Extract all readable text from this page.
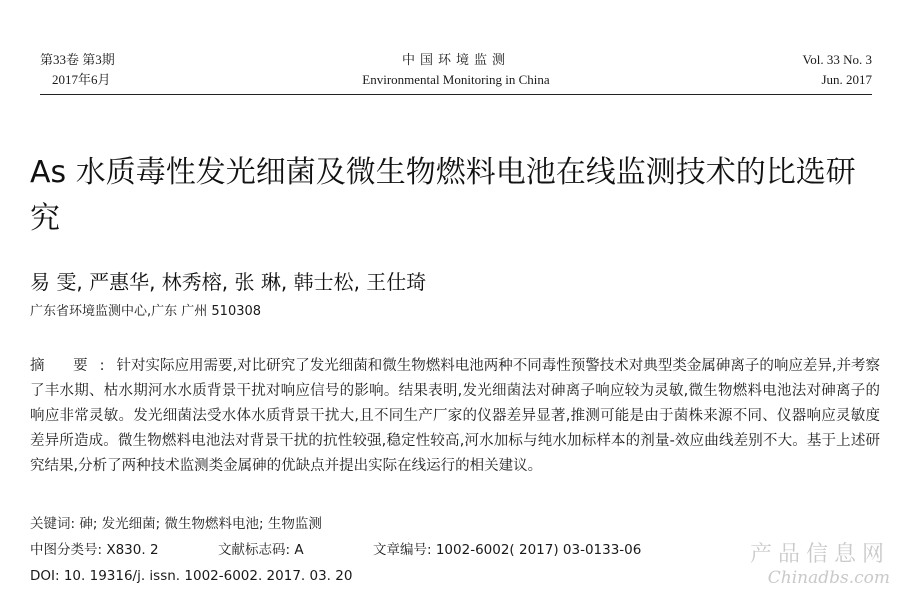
第33卷 第3期
2017年6月
中国环境监测
Environmental Monitoring in China
Vol. 33 No. 3
Jun. 2017
As 水质毒性发光细菌及微生物燃料电池在线监测技术的比选研究
易 雯, 严惠华, 林秀榕, 张 琳, 韩士松, 王仕琦
广东省环境监测中心,广东 广州 510308

摘 要:针对实际应用需要,对比研究了发光细菌和微生物燃料电池两种不同毒性预警技术对典型类金属砷离子的响应差异,并考察了丰水期、枯水期河水水质背景干扰对响应信号的影响。结果表明,发光细菌法对砷离子响应较为灵敏,微生物燃料电池法对砷离子的响应非常灵敏。发光细菌法受水体水质背景干扰大,且不同生产厂家的仪器差异显著,推测可能是由于菌株来源不同、仪器响应灵敏度差异所造成。微生物燃料电池法对背景干扰的抗性较强,稳定性较高,河水加标与纯水加标样本的剂量-效应曲线差别不大。基于上述研究结果,分析了两种技术监测类金属砷的优缺点并提出实际在线运行的相关建议。

关键词: 砷; 发光细菌; 微生物燃料电池; 生物监测
中图分类号: X830. 2	文献标志码: A	文章编号: 1002-6002( 2017) 03-0133-06
DOI: 10. 19316/j. issn. 1002-6002. 2017. 03. 20
产品信息网
Chinadbs.com
